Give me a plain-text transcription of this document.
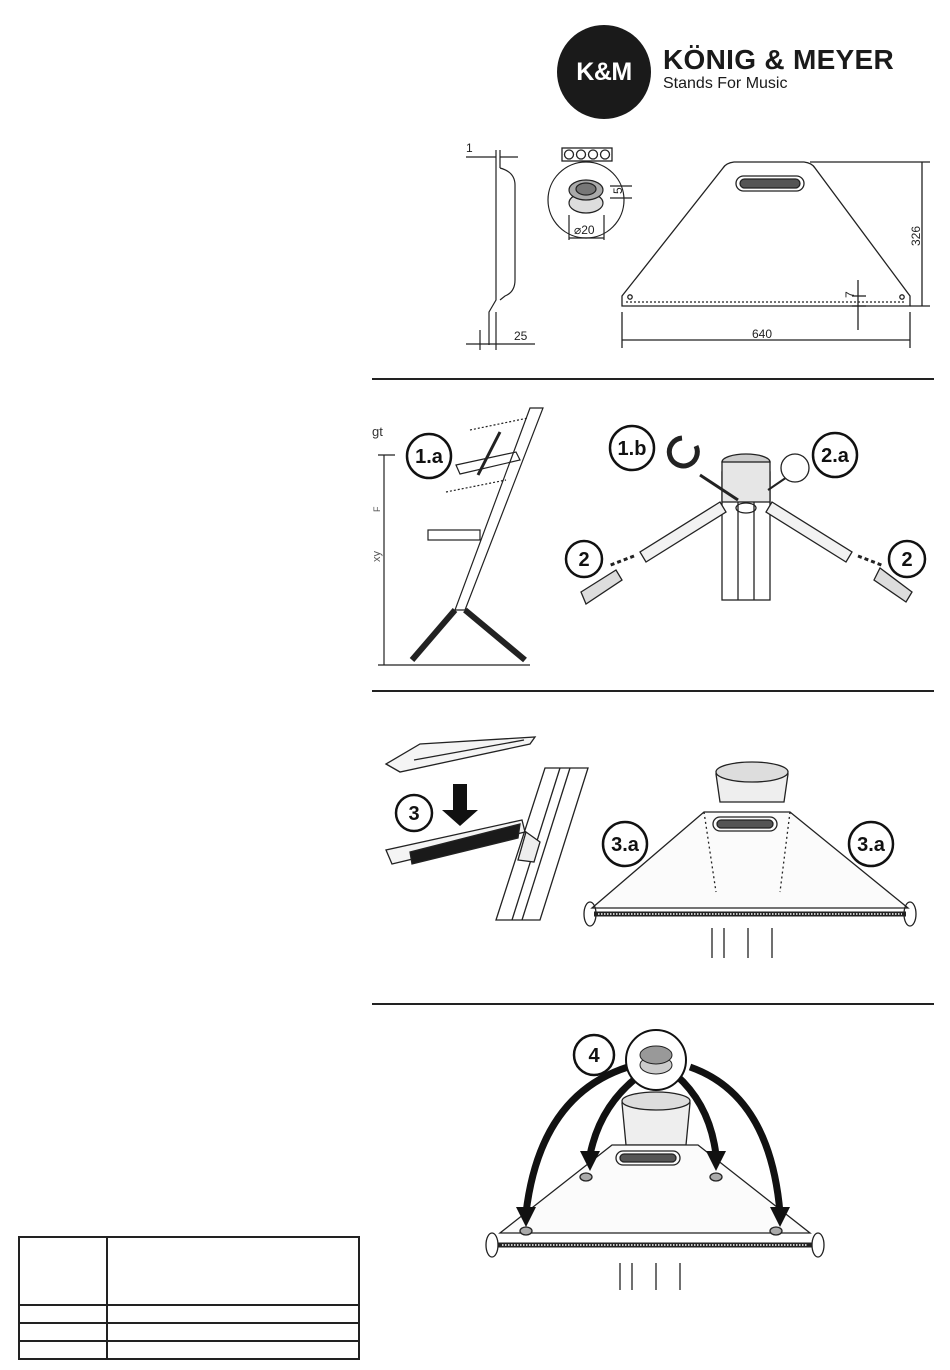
K&M KÖNIG & MEYER
Stands For Music
1
25
⌀20
5
640
326
7
gt
xy
F
1.a	1.b	2.a
2	2
3
3.a	3.a
4
